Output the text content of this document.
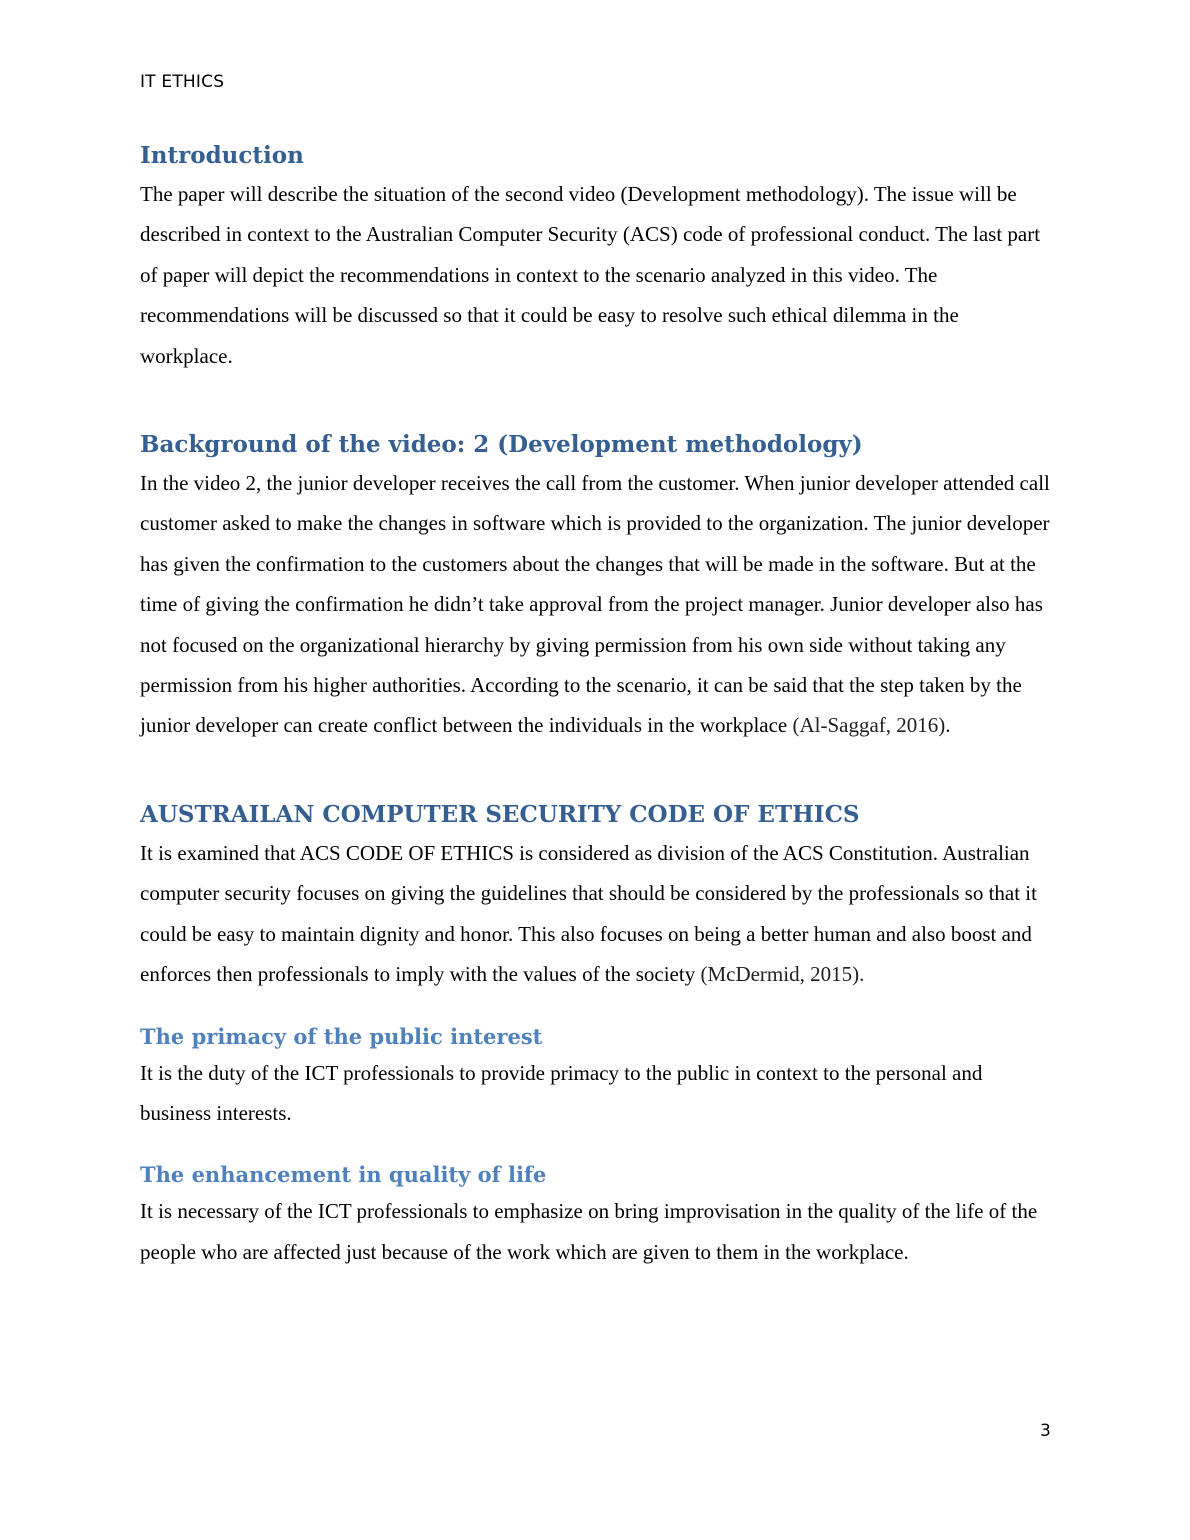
IT ETHICS
Introduction

The paper will describe the situation of the second video (Development methodology). The issue will be described in context to the Australian Computer Security (ACS) code of professional conduct. The last part of paper will depict the recommendations in context to the scenario analyzed in this video. The recommendations will be discussed so that it could be easy to resolve such ethical dilemma in the workplace.

Background of the video: 2 (Development methodology)

In the video 2, the junior developer receives the call from the customer. When junior developer attended call customer asked to make the changes in software which is provided to the organization. The junior developer has given the confirmation to the customers about the changes that will be made in the software. But at the time of giving the confirmation he didn’t take approval from the project manager. Junior developer also has not focused on the organizational hierarchy by giving permission from his own side without taking any permission from his higher authorities. According to the scenario, it can be said that the step taken by the junior developer can create conflict between the individuals in the workplace (Al-Saggaf, 2016).

AUSTRAILAN COMPUTER SECURITY CODE OF ETHICS

It is examined that ACS CODE OF ETHICS is considered as division of the ACS Constitution. Australian computer security focuses on giving the guidelines that should be considered by the professionals so that it could be easy to maintain dignity and honor. This also focuses on being a better human and also boost and enforces then professionals to imply with the values of the society (McDermid, 2015).

The primacy of the public interest

It is the duty of the ICT professionals to provide primacy to the public in context to the personal and business interests.

The enhancement in quality of life

It is necessary of the ICT professionals to emphasize on bring improvisation in the quality of the life of the people who are affected just because of the work which are given to them in the workplace.

3
